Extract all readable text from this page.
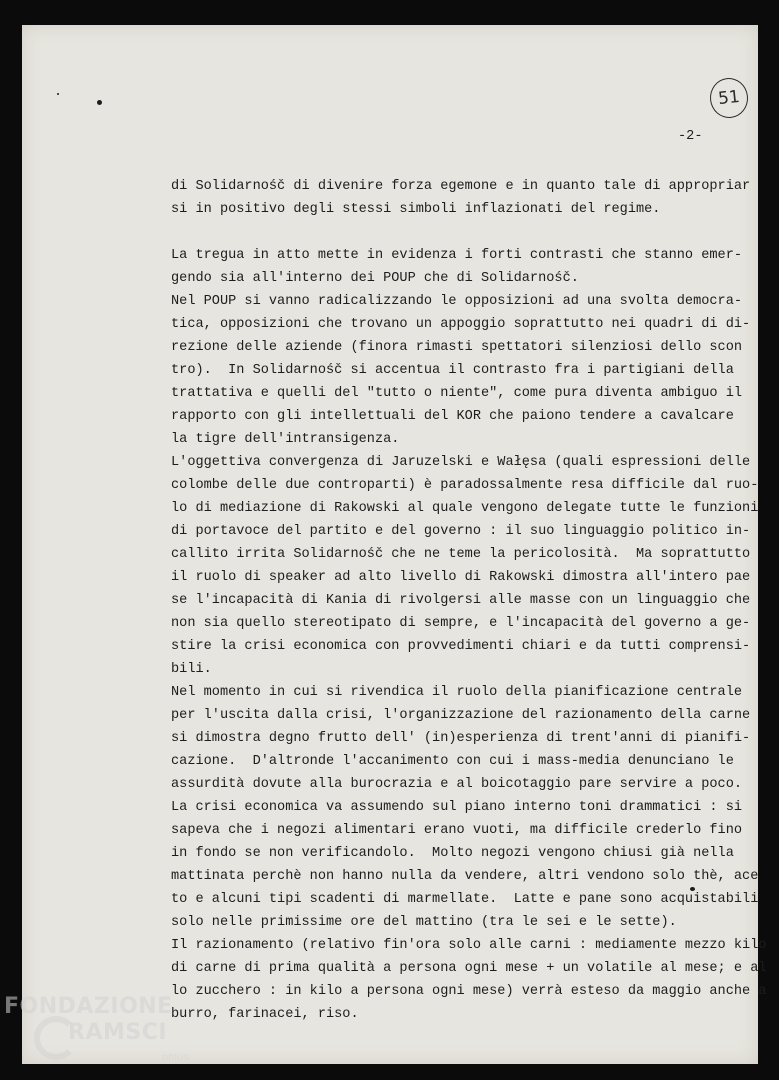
51
-2-
di Solidarnośč di divenire forza egemone e in quanto tale di appropriar
si in positivo degli stessi simboli inflazionati del regime.
La tregua in atto mette in evidenza i forti contrasti che stanno emer-
gendo sia all'interno dei POUP che di Solidarnośč.
Nel POUP si vanno radicalizzando le opposizioni ad una svolta democra-
tica, opposizioni che trovano un appoggio soprattutto nei quadri di di-
rezione delle aziende (finora rimasti spettatori silenziosi dello scon
tro).  In Solidarnośč si accentua il contrasto fra i partigiani della
trattativa e quelli del "tutto o niente", come pura diventa ambiguo il
rapporto con gli intellettuali del KOR che paiono tendere a cavalcare
la tigre dell'intransigenza.
L'oggettiva convergenza di Jaruzelski e Wałęsa (quali espressioni delle
colombe delle due controparti) è paradossalmente resa difficile dal ruo-
lo di mediazione di Rakowski al quale vengono delegate tutte le funzioni
di portavoce del partito e del governo : il suo linguaggio politico in-
callito irrita Solidarnośč che ne teme la pericolosità.  Ma soprattutto
il ruolo di speaker ad alto livello di Rakowski dimostra all'intero pae
se l'incapacità di Kania di rivolgersi alle masse con un linguaggio che
non sia quello stereotipato di sempre, e l'incapacità del governo a ge-
stire la crisi economica con provvedimenti chiari e da tutti comprensi-
bili.
Nel momento in cui si rivendica il ruolo della pianificazione centrale
per l'uscita dalla crisi, l'organizzazione del razionamento della carne
si dimostra degno frutto dell' (in)esperienza di trent'anni di pianifi-
cazione.  D'altronde l'accanimento con cui i mass-media denunciano le
assurdità dovute alla burocrazia e al boicotaggio pare servire a poco.
La crisi economica va assumendo sul piano interno toni drammatici : si
sapeva che i negozi alimentari erano vuoti, ma difficile crederlo fino
in fondo se non verificandolo.  Molto negozi vengono chiusi già nella
mattinata perchè non hanno nulla da vendere, altri vendono solo thè, ace
to e alcuni tipi scadenti di marmellate.  Latte e pane sono acquistabili
solo nelle primissime ore del mattino (tra le sei e le sette).
Il razionamento (relativo fin'ora solo alle carni : mediamente mezzo kilo
di carne di prima qualità a persona ogni mese + un volatile al mese; e al
lo zucchero : in kilo a persona ogni mese) verrà esteso da maggio anche a
burro, farinacei, riso.
FONDAZIONE
RAMSCI
onlus
